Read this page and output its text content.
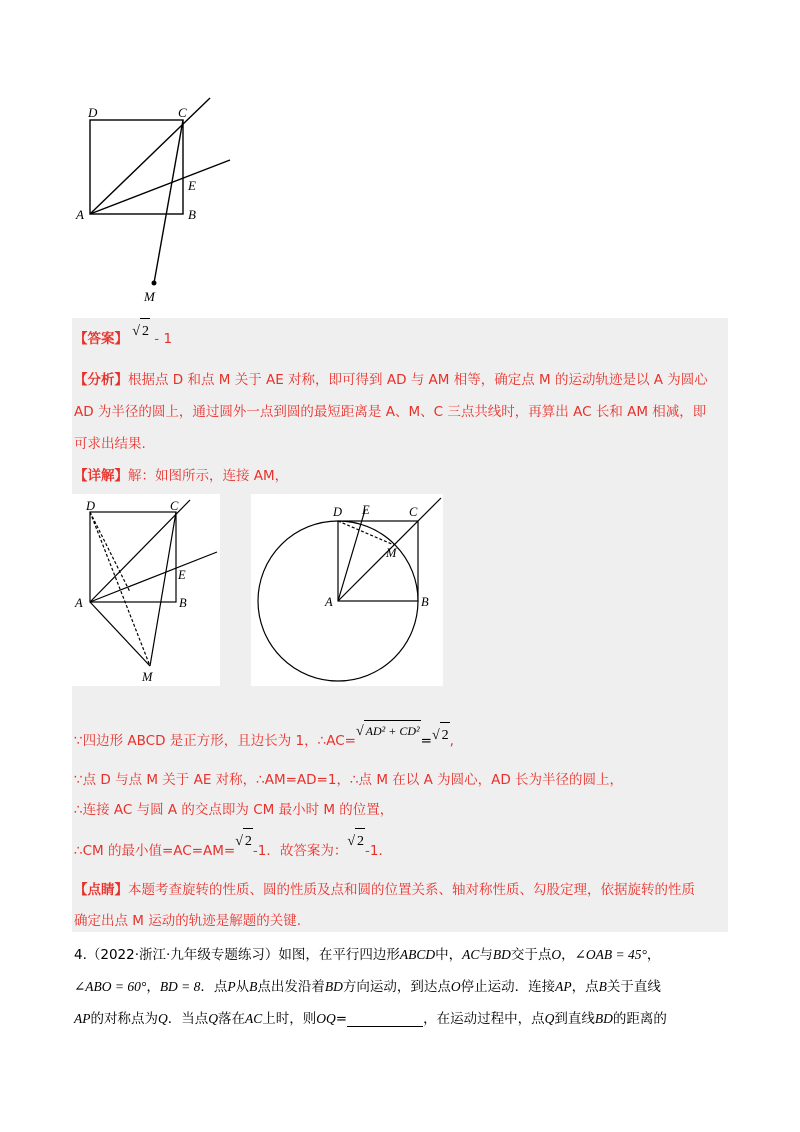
D	C
E
A	B
M
【答案】 √ 2 - 1
【分析】根据点 D 和点 M 关于 AE 对称，即可得到 AD 与 AM 相等，确定点 M 的运动轨迹是以 A 为圆心
AD 为半径的圆上，通过圆外一点到圆的最短距离是 A、M、C 三点共线时，再算出 AC 长和 AM 相减，即
可求出结果.
【详解】解：如图所示，连接 AM，
D	C
E
A	B
M
D E	C
M
A	B
∵四边形 ABCD 是正方形，且边长为 1，∴AC=√ AD² + CD²=√ 2,
∵点 D 与点 M 关于 AE 对称，∴AM=AD=1，∴点 M 在以 A 为圆心，AD 长为半径的圆上，
∴连接 AC 与圆 A 的交点即为 CM 最小时 M 的位置，
∴CM 的最小值=AC=AM=√ 2-1．故答案为：√ 2-1．
【点睛】本题考查旋转的性质、圆的性质及点和圆的位置关系、轴对称性质、勾股定理，依据旋转的性质
确定出点 M 运动的轨迹是解题的关键.
4.（2022·浙江·九年级专题练习）如图，在平行四边形ABCD中，AC与BD交于点O，∠OAB = 45°，
∠ABO = 60°，BD = 8．点P从B点出发沿着BD方向运动，到达点O停止运动．连接AP，点B关于直线
AP的对称点为Q．当点Q落在AC上时，则OQ=	，在运动过程中，点Q到直线BD的距离的
